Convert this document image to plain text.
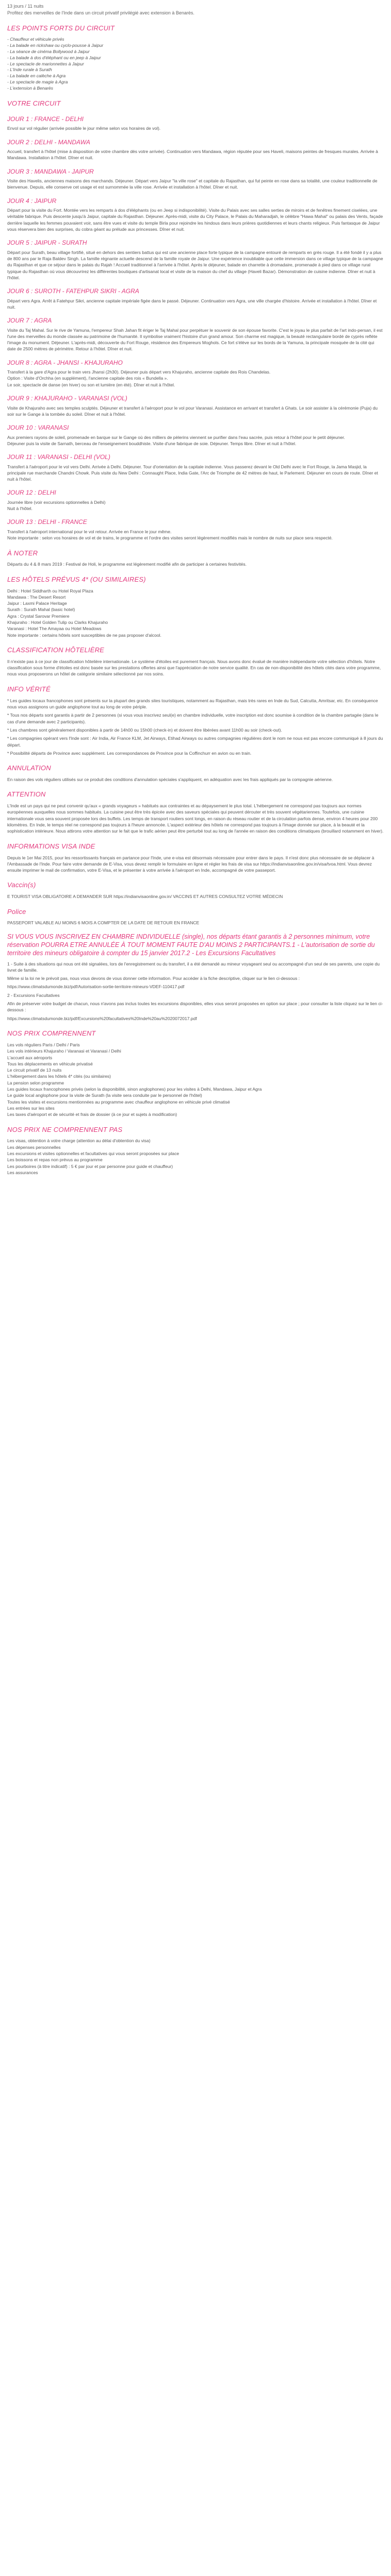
13 jours / 11 nuits
Profitez des merveilles de l'Inde dans un circuit privatif privilégié avec extension à Benarès.
LES POINTS FORTS DU CIRCUIT
- Chauffeur et véhicule privés
- La balade en rickshaw ou cyclo-pousse à Jaipur
- La séance de cinéma Bollywood à Jaipur
- La balade à dos d'éléphant ou en jeep à Jaipur
- Le spectacle de marionnettes à Jaipur
- L'Inde rurale à Surath
- La balade en calèche à Agra
- Le spectacle de magie à Agra
- L'extension à Benarès
VOTRE CIRCUIT
JOUR 1 : FRANCE - DELHI

Envol sur vol régulier (arrivée possible le jour même selon vos horaires de vol).

JOUR 2 : DELHI - MANDAWA

Accueil, transfert à l'hôtel (mise à disposition de votre chambre dès votre arrivée). Continuation vers Mandawa, région réputée pour ses Haveli, maisons peintes de fresques murales. Arrivée à Mandawa. Installation à l'hôtel. Dîner et nuit.

JOUR 3 : MANDAWA - JAIPUR

Visite des Havelis, anciennes maisons des marchands. Déjeuner. Départ vers Jaipur "la ville rose" et capitale du Rajasthan, qui fut peinte en rose dans sa totalité, une couleur traditionnelle de bienvenue. Depuis, elle conserve cet usage et est surnommée la ville rose. Arrivée et installation à l'hôtel. Dîner et nuit.

JOUR 4 : JAIPUR

Départ pour la visite du Fort. Montée vers les remparts à dos d'éléphants (ou en Jeep si indisponibilité). Visite du Palais avec ses salles serties de miroirs et de fenêtres finement ciselées, une véritable fabrique. Puis descente jusqu'à Jaipur, capitale du Rajasthan. Déjeuner. Après-midi, visite du City Palace, le Palais du Maharadjah, le célèbre "Hawa Mahal" ou palais des Vents, façade derrière laquelle les femmes pouvaient voir, sans être vues et visite du temple Birla pour rejoindre les hindous dans leurs prières quotidiennes et leurs chants religieux. Puis fantasque de Jaipur vous réservera bien des surprises, du cobra géant au prélude aux princesses. Dîner et nuit.

JOUR 5 : JAIPUR - SURATH

Départ pour Surath, beau village fortifié, situé en dehors des sentiers battus qui est une ancienne place forte typique de la campagne entouré de remparts en grès rouge. Il a été fondé il y a plus de 800 ans par le Raja Baldev Singh. La famille régnante actuelle descend de la famille royale de Jaipur. Une expérience inoubliable que cette immersion dans ce village typique de la campagne du Rajasthan et que ce séjour dans le palais du Rajah ! Accueil traditionnel à l'arrivée à l'hôtel. Après le déjeuner, balade en charrette à dromadaire, promenade à pied dans ce village rural typique du Rajasthan où vous découvrirez les différentes boutiques d'artisanat local et visite de la maison du chef du village (Haveli Bazar). Démonstration de cuisine indienne. Dîner et nuit à l'hôtel.

JOUR 6 : SUROTH - FATEHPUR SIKRI - AGRA

Départ vers Agra. Arrêt à Fatehpur Sikri, ancienne capitale impériale figée dans le passé. Déjeuner. Continuation vers Agra, une ville chargée d'histoire. Arrivée et installation à l'hôtel. Dîner et nuit.

JOUR 7 : AGRA

Visite du Taj Mahal. Sur le rive de Yamuna, l'empereur Shah Jahan fit ériger le Taj Mahal pour perpétuer le souvenir de son épouse favorite. C'est le joyau le plus parfait de l'art indo-persan, il est l'une des merveilles du monde classée au patrimoine de l'humanité. Il symbolise vraiment l'histoire d'un grand amour. Son charme est magique, la beauté rectangulaire bordé de cyprès reflète l'image du monument. Déjeuner. L'après-midi, découverte du Fort Rouge, résidence des Empereurs Moghols. Ce fort s'élève sur les bords de la Yamuna, la principale mosquée de la cité qui date de 2500 mètres de périmètre. Retour à l'hôtel. Dîner et nuit.

JOUR 8 : AGRA - JHANSI - KHAJURAHO

Transfert à la gare d'Agra pour le train vers Jhansi (2h30). Déjeuner puis départ vers Khajuraho, ancienne capitale des Rois Chandelas.
Option : Visite d'Orchha (en supplément), l'ancienne capitale des rois « Bundella ».
Le soir, spectacle de danse (en hiver) ou son et lumière (en été). Dîner et nuit à l'hôtel.

JOUR 9 : KHAJURAHO - VARANASI (VOL)

Visite de Khajuraho avec ses temples sculptés. Déjeuner et transfert à l'aéroport pour le vol pour Varanasi. Assistance en arrivant et transfert à Ghats. Le soir assister à la cérémonie (Puja) du soir sur le Gange à la tombée du soleil. Dîner et nuit à l'hôtel.

JOUR 10 : VARANASI

Aux premiers rayons de soleil, promenade en barque sur le Gange où des milliers de pèlerins viennent se purifier dans l'eau sacrée, puis retour à l'hôtel pour le petit déjeuner.
Déjeuner puis la visite de Sarnath, berceau de l'enseignement bouddhiste. Visite d'une fabrique de soie. Déjeuner. Temps libre. Dîner et nuit à l'hôtel.

JOUR 11 : VARANASI - DELHI (VOL)

Transfert à l'aéroport pour le vol vers Delhi. Arrivée à Delhi. Déjeuner. Tour d'orientation de la capitale indienne. Vous passerez devant le Old Delhi avec le Fort Rouge, la Jama Masjid, la principale rue marchande Chandni Chowk. Puis visite du New Delhi : Connaught Place, India Gate, l'Arc de Triomphe de 42 mètres de haut, le Parlement. Déjeuner en cours de route. Dîner et nuit à l'hôtel.

JOUR 12 : DELHI

Journée libre (voir excursions optionnelles à Delhi)
Nuit à l'hôtel.

JOUR 13 : DELHI - FRANCE

Transfert à l'aéroport international pour le vol retour. Arrivée en France le jour même.
Note importante : selon vos horaires de vol et de trains, le programme et l'ordre des visites seront légèrement modifiés mais le nombre de nuits sur place sera respecté.

À NOTER

Départs du 4 & 8 mars 2019 : Festival de Holi, le programme est légèrement modifié afin de participer à certaines festivités.

LES HÔTELS PRÉVUS 4* (OU SIMILAIRES)
Delhi : Hotel Siddharth ou Hotel Royal Plaza
Mandawa : The Desert Resort
Jaipur : Laxmi Palace Heritage
Surath : Surath Mahal (basic hotel)
Agra : Crystal Sarovar Premiere
Khajuraho : Hotel Golden Tulip ou Clarks Khajuraho
Varanasi : Hotel The Amayaa ou Hotel Meadows
Note importante : certains hôtels sont susceptibles de ne pas proposer d'alcool.
CLASSIFICATION HÔTELIÈRE

Il n'existe pas à ce jour de classification hôtelière internationale. Le système d'étoiles est purement français. Nous avons donc évalué de manière indépendante votre sélection d'hôtels. Notre classification sous forme d'étoiles est donc basée sur les prestations offertes ainsi que l'appréciation de notre service qualité. En cas de non-disponibilité des hôtels cités dans votre programme, nous vous proposerons un hôtel de catégorie similaire sélectionné par nos soins.

INFO VÉRITÉ

* Les guides locaux francophones sont présents sur la plupart des grands sites touristiques, notamment au Rajasthan, mais très rares en Inde du Sud, Calcutta, Amritsar, etc. En conséquence nous vous assignons un guide anglophone tout au long de votre périple.

* Tous nos départs sont garantis à partir de 2 personnes (si vous vous inscrivez seul(e) en chambre individuelle, votre inscription est donc soumise à condition de la chambre partagée (dans le cas d'une demande avec 2 participants).

* Les chambres sont généralement disponibles à partir de 14h00 ou 15h00 (check-in) et doivent être libérées avant 11h00 au soir (check-out).

* Les compagnies opérant vers l'Inde sont : Air India, Air France KLM, Jet Airways, Etihad Airways ou autres compagnies régulières dont le nom ne nous est pas encore communiqué à 8 jours du départ.

* Possibilité départs de Province avec supplément. Les correspondances de Province pour la Coffinchurr en avion ou en train.

ANNULATION

En raison des vols réguliers utilisés sur ce produit des conditions d'annulation spéciales s'appliquent, en adéquation avec les frais appliqués par la compagnie aérienne.

ATTENTION

L'Inde est un pays qui ne peut convenir qu'aux « grands voyageurs » habitués aux contraintes et au dépaysement le plus total. L'hébergement ne correspond pas toujours aux normes européennes auxquelles nous sommes habitués. La cuisine peut être très épicée avec des saveurs spéciales qui peuvent dérouter et très souvent végétariennes. Toutefois, une cuisine internationale vous sera souvent proposée lors des buffets. Les temps de transport routiers sont longs, en raison du réseau routier et de la circulation parfois dense, environ 4 heures pour 200 kilomètres. En Inde, le temps réel ne correspond pas toujours à l'heure annoncée. L'aspect extérieur des hôtels ne correspond pas toujours à l'image donnée sur place, à la beauté et la sophistication intérieure. Nous attirons votre attention sur le fait que le trafic aérien peut être perturbé tout au long de l'année en raison des conditions climatiques (brouillard notamment en hiver).

INFORMATIONS VISA INDE

Depuis le 1er Mai 2015, pour les ressortissants français en partance pour l'Inde, une e-visa est désormais nécessaire pour entrer dans le pays. Il n'est donc plus nécessaire de se déplacer à l'Ambassade de l'Inde. Pour faire votre demande de E-Visa, vous devez remplir le formulaire en ligne et régler les frais de visa sur https://indianvisaonline.gov.in/visa/tvoa.html. Vous devrez ensuite imprimer le mail de confirmation, votre E-Visa, et le présenter à votre arrivée à l'aéroport en Inde, accompagné de votre passeport.

Vaccin(s)

E TOURIST VISA OBLIGATOIRE A DEMANDER SUR https://indianvisaonline.gov.in/ VACCINS ET AUTRES CONSULTEZ VOTRE MÉDECIN

Police

PASSEPORT VALABLE AU MOINS 6 MOIS A COMPTER DE LA DATE DE RETOUR EN FRANCE

SI VOUS VOUS INSCRIVEZ EN CHAMBRE INDIVIDUELLE (single), nos départs étant garantis à 2 personnes minimum, votre réservation POURRA ETRE ANNULÉE À TOUT MOMENT FAUTE D'AU MOINS 2 PARTICIPANTS.1 - L'autorisation de sortie du territoire des mineurs obligatoire à compter du 15 janvier 2017.2 - Les Excursions Facultatives

1 - Suite à des situations qui nous ont été signalées, lors de l'enregistrement ou du transfert, il a été demandé au mineur voyageant seul ou accompagné d'un seul de ses parents, une copie du livret de famille.

Même si la loi ne le prévoit pas, nous vous devons de vous donner cette information. Pour accéder à la fiche descriptive, cliquer sur le lien ci-dessous :

https://www.climatsdumonde.biz/pdf/Autorisation-sortie-territoire-mineurs-VDEF-110417.pdf

2 - Excursions Facultatives

Afin de préserver votre budget de chacun, nous n'avons pas inclus toutes les excursions disponibles, elles vous seront proposées en option sur place ; pour consulter la liste cliquez sur le lien ci-dessous :

https://www.climatsdumonde.biz/pdf/Excursions%20facultatives%20Inde%20au%2020072017.pdf

NOS PRIX COMPRENNENT
Les vols réguliers Paris / Delhi / Paris
Les vols intérieurs Khajuraho / Varanasi et Varanasi / Delhi
L'accueil aux aéroports
Tous les déplacements en véhicule privatisé
Le circuit privatif de 13 nuits
L'hébergement dans les hôtels 4* cités (ou similaires)
La pension selon programme
Les guides locaux francophones privés (selon la disponibilité, sinon anglophones) pour les visites à Delhi, Mandawa, Jaipur et Agra
Le guide local anglophone pour la visite de Surath (la visite sera conduite par le personnel de l'hôtel)
Toutes les visites et excursions mentionnées au programme avec chauffeur anglophone en véhicule privé climatisé
Les entrées sur les sites
Les taxes d'aéroport et de sécurité et frais de dossier (à ce jour et sujets à modification)
NOS PRIX NE COMPRENNENT PAS
Les visas, obtention à votre charge (attention au délai d'obtention du visa)
Les dépenses personnelles
Les excursions et visites optionnelles et facultatives qui vous seront proposées sur place
Les boissons et repas non prévus au programme
Les pourboires (à titre indicatif) : 5 € par jour et par personne pour guide et chauffeur)
Les assurances
